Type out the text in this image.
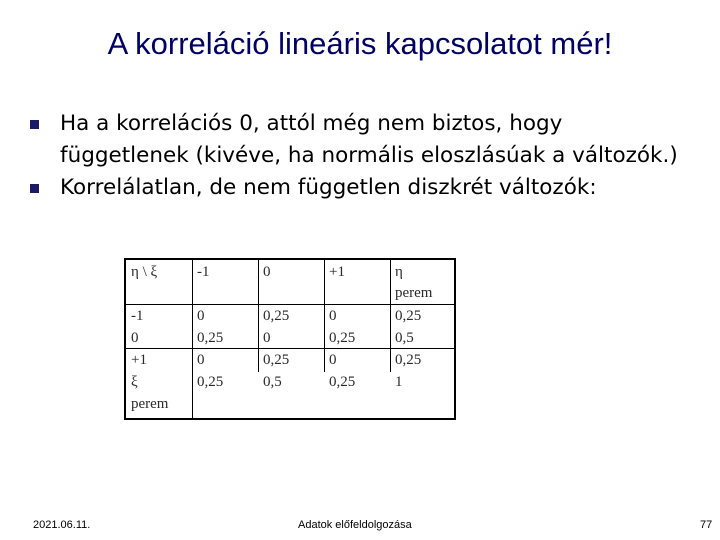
A korreláció lineáris kapcsolatot mér!
Ha a korrelációs 0, attól még nem biztos, hogy függetlenek (kivéve, ha normális eloszlásúak a változók.)
Korrelálatlan, de nem független diszkrét változók:
η \ ξ	-1	0	+1	η
perem
-1	0	0,25	0	0,25
0	0,25	0	0,25	0,5
+1	0	0,25	0	0,25
ξ	0,25	0,5	0,25	1
perem
2021.06.11.	Adatok előfeldolgozása	77
